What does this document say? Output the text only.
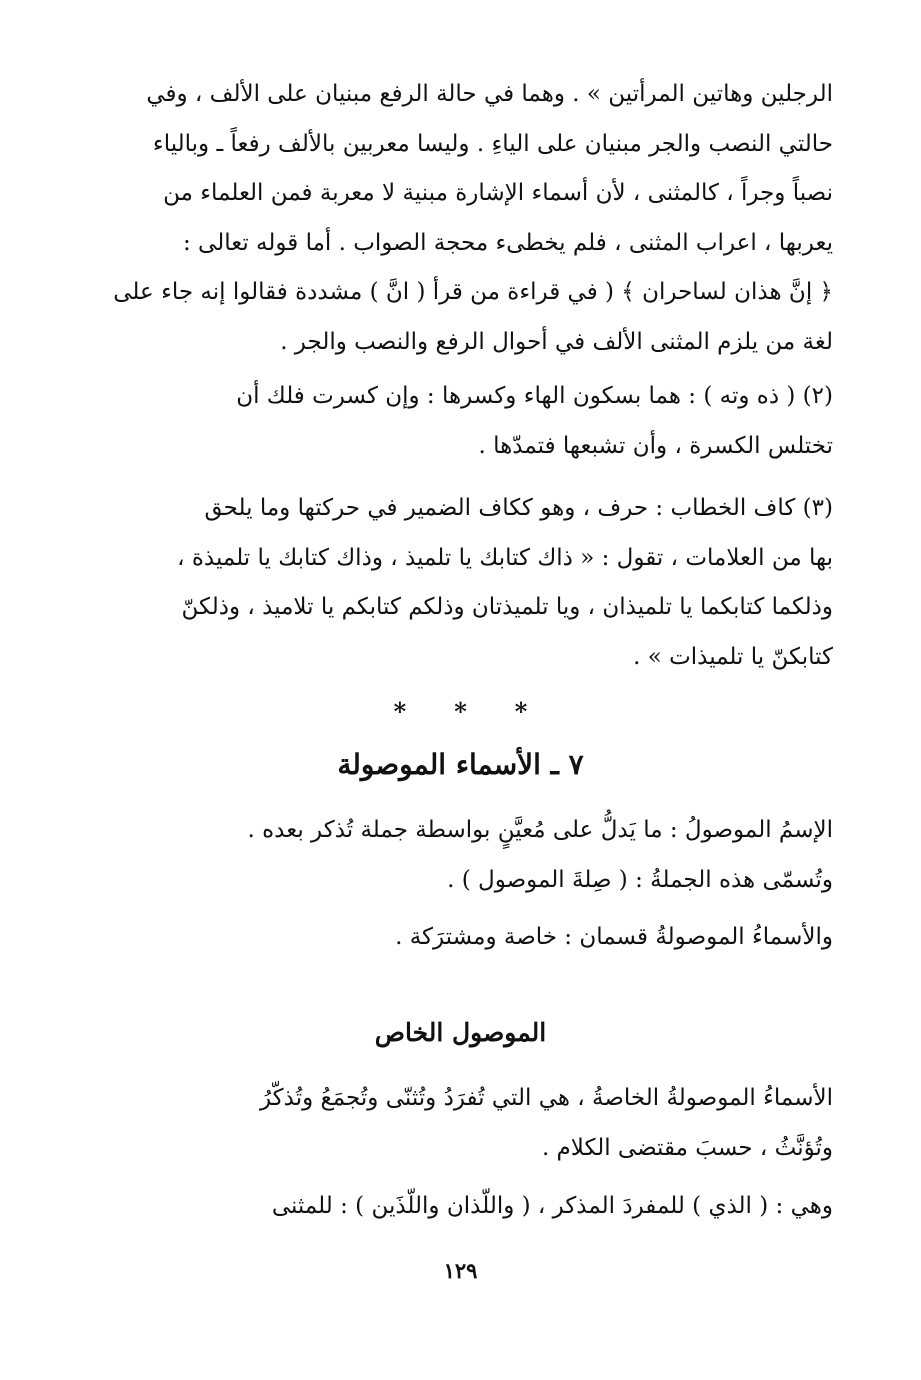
الرجلين وهاتين المرأتين » . وهما في حالة الرفع مبنيان على الألف ، وفي
حالتي النصب والجر مبنيان على الياءِ . وليسا معربين بالألف رفعاً ـ وبالياء
نصباً وجراً ، كالمثنى ، لأن أسماء الإشارة مبنية لا معربة فمن العلماء من
يعربها ، اعراب المثنى ، فلم يخطىء محجة الصواب . أما قوله تعالى :
﴿ إنَّ هذان لساحران ﴾ ( في قراءة من قرأ ( انَّ ) مشددة فقالوا إنه جاء على
لغة من يلزم المثنى الألف في أحوال الرفع والنصب والجر .

(٢) ( ذه وته ) : هما بسكون الهاء وكسرها : وإن كسرت فلك أن
تختلس الكسرة ، وأن تشبعها فتمدّها .

(٣) كاف الخطاب : حرف ، وهو ككاف الضمير في حركتها وما يلحق
بها من العلامات ، تقول : « ذاك كتابك يا تلميذ ، وذاك كتابك يا تلميذة ،
وذلكما كتابكما يا تلميذان ، ويا تلميذتان وذلكم كتابكم يا تلاميذ ، وذلكنّ
كتابكنّ يا تلميذات » .

***
٧ ـ الأسماء الموصولة

الإسمُ الموصولُ : ما يَدلُّ على مُعيَّنٍ بواسطة جملة تُذكر بعده .
وتُسمّى هذه الجملةُ : ( صِلةَ الموصول ) .

والأسماءُ الموصولةُ قسمان : خاصة ومشترَكة .

الموصول الخاص

الأسماءُ الموصولةُ الخاصةُ ، هي التي تُفرَدُ وتُثنّى وتُجمَعُ وتُذكّرُ
وتُؤنَّثُ ، حسبَ مقتضى الكلام .

وهي : ( الذي ) للمفردَ المذكر ، ( واللّذان واللّذَين ) : للمثنى

١٢٩
